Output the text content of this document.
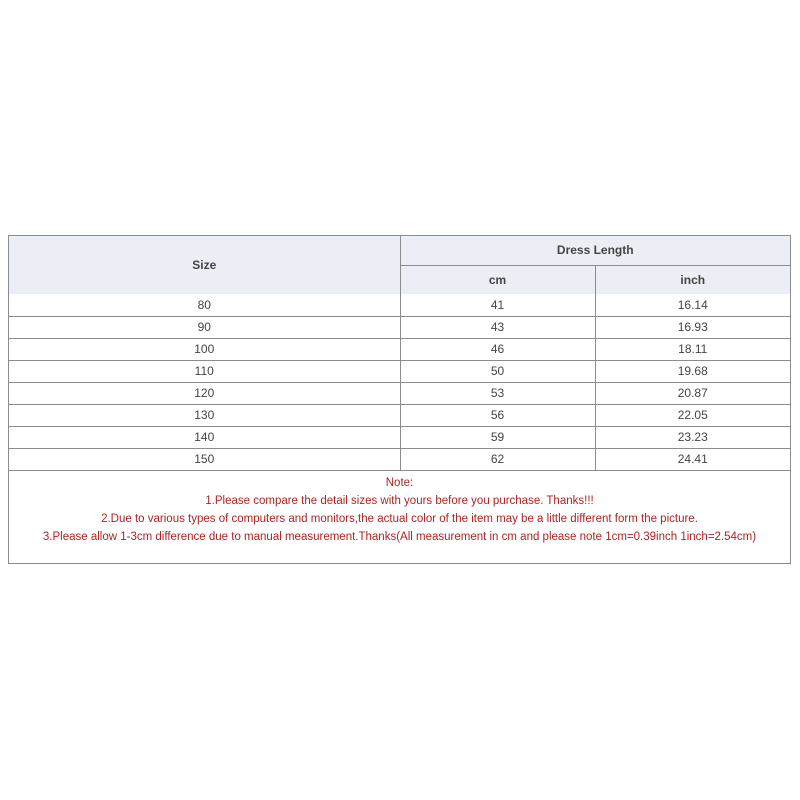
Size	Dress Length	
	cm	inch
80	41	16.14
90	43	16.93
100	46	18.11
110	50	19.68
120	53	20.87
130	56	22.05
140	59	23.23
150	62	24.41
Note:
1.Please compare the detail sizes with yours before you purchase. Thanks!!!
2.Due to various types of computers and monitors,the actual color of the item may be a little different form the picture.
3.Please allow 1-3cm difference due to manual measurement.Thanks(All measurement in cm and please note 1cm=0.39inch 1inch=2.54cm)
